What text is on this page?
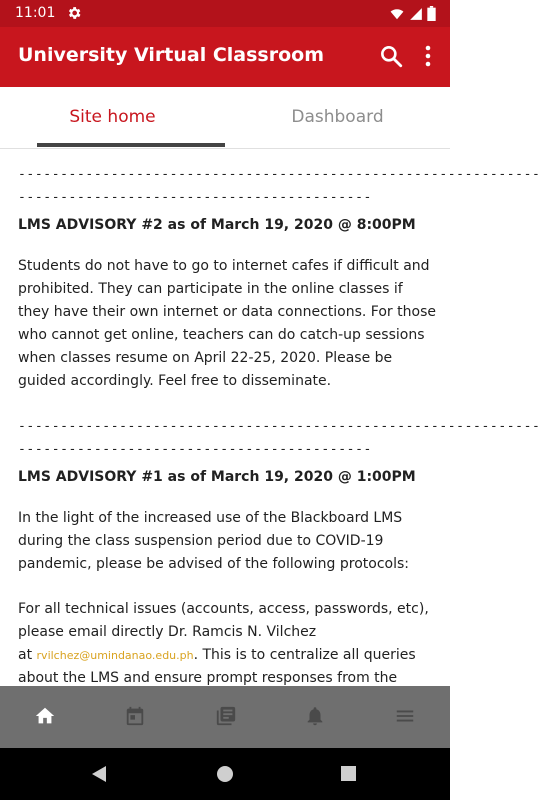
11:01

University Virtual Classroom
Site home	Dashboard
--------------------------------------------------------------
------------------------------------------
LMS ADVISORY #2 as of March 19, 2020 @ 8:00PM

Students do not have to go to internet cafes if difficult and prohibited. They can participate in the online classes if they have their own internet or data connections. For those who cannot get online, teachers can do catch-up sessions when classes resume on April 22-25, 2020. Please be guided accordingly. Feel free to disseminate.

--------------------------------------------------------------
------------------------------------------
LMS ADVISORY #1 as of March 19, 2020 @ 1:00PM

In the light of the increased use of the Blackboard LMS during the class suspension period due to COVID-19 pandemic, please be advised of the following protocols:

For all technical issues (accounts, access, passwords, etc), please email directly Dr. Ramcis N. Vilchez
at rvilchez@umindanao.edu.ph. This is to centralize all queries about the LMS and ensure prompt responses from the
